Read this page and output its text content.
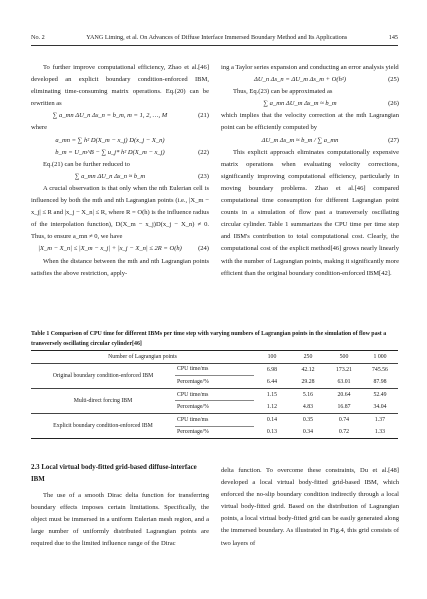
No. 2	YANG Liming, et al. On Advances of Diffuse Interface Immersed Boundary Method and Its Applications	145

To further improve computational efficiency, Zhao et al.[46] developed an explicit boundary condition-enforced IBM, eliminating time-consuming matrix operations. Eq.(20) can be rewritten as

∑ a_mn ΔU_n Δs_n = b_m, m = 1, 2, …, M	(21)

where

a_mn = ∑ h² D(X_m − x_j) D(x_j − X_n)
b_m = U_m^B − ∑ u_j* h² D(X_m − x_j)	(22)

Eq.(21) can be further reduced to

∑ a_mn ΔU_n Δs_n ≈ b_m	(23)

A crucial observation is that only when the nth Eulerian cell is influenced by both the mth and nth Lagrangian points (i.e., |X_m − x_j| ≤ R and |x_j − X_n| ≤ R, where R = O(h) is the influence radius of the interpolation function), D(X_m − x_j)D(x_j − X_n) ≠ 0. Thus, to ensure a_mn ≠ 0, we have

|X_m − X_n| ≤ |X_m − x_j| + |x_j − X_n| ≤ 2R = O(h)	(24)

When the distance between the mth and nth Lagrangian points satisfies the above restriction, apply-

ing a Taylor series expansion and conducting an error analysis yield

ΔU_n Δs_n = ΔU_m Δs_m + O(h²)	(25)

Thus, Eq.(23) can be approximated as

∑ a_mn ΔU_m Δs_m ≈ b_m	(26)

which implies that the velocity correction at the mth Lagrangian point can be efficiently computed by

ΔU_m Δs_m ≈ b_m / ∑ a_mn	(27)

This explicit approach eliminates computationally expensive matrix operations when evaluating velocity corrections, significantly improving computational efficiency, particularly in moving boundary problems. Zhao et al.[46] compared computational time consumption for different Lagrangian point counts in a simulation of flow past a transversely oscillating circular cylinder. Table 1 summarizes the CPU time per time step and IBM's contribution to total computational cost. Clearly, the computational cost of the explicit method[46] grows nearly linearly with the number of Lagrangian points, making it significantly more efficient than the original boundary condition-enforced IBM[42].

Table 1 Comparison of CPU time for different IBMs per time step with varying numbers of Lagrangian points in the simulation of flow past a transversely oscillating circular cylinder[46]
Number of Lagrangian points		100	250	500	1 000
Original boundary condition-enforced IBM	CPU time/ms	6.98	42.12	173.21	745.56
	Percentage/%	6.44	29.28	63.01	87.98
Multi-direct forcing IBM	CPU time/ms	1.15	5.16	20.64	52.49
	Percentage/%	1.12	4.83	16.87	34.04
Explicit boundary condition-enforced IBM	CPU time/ms	0.14	0.35	0.74	1.37
	Percentage/%	0.13	0.34	0.72	1.33
2.3 Local virtual body-fitted grid-based diffuse-interface IBM

The use of a smooth Dirac delta function for transferring boundary effects imposes certain limitations. Specifically, the object must be immersed in a uniform Eulerian mesh region, and a large number of uniformly distributed Lagrangian points are required due to the limited influence range of the Dirac

delta function. To overcome these constraints, Du et al.[48] developed a local virtual body-fitted grid-based IBM, which enforced the no-slip boundary condition indirectly through a local virtual body-fitted grid. Based on the distribution of Lagrangian points, a local virtual body-fitted grid can be easily generated along the immersed boundary. As illustrated in Fig.4, this grid consists of two layers of
